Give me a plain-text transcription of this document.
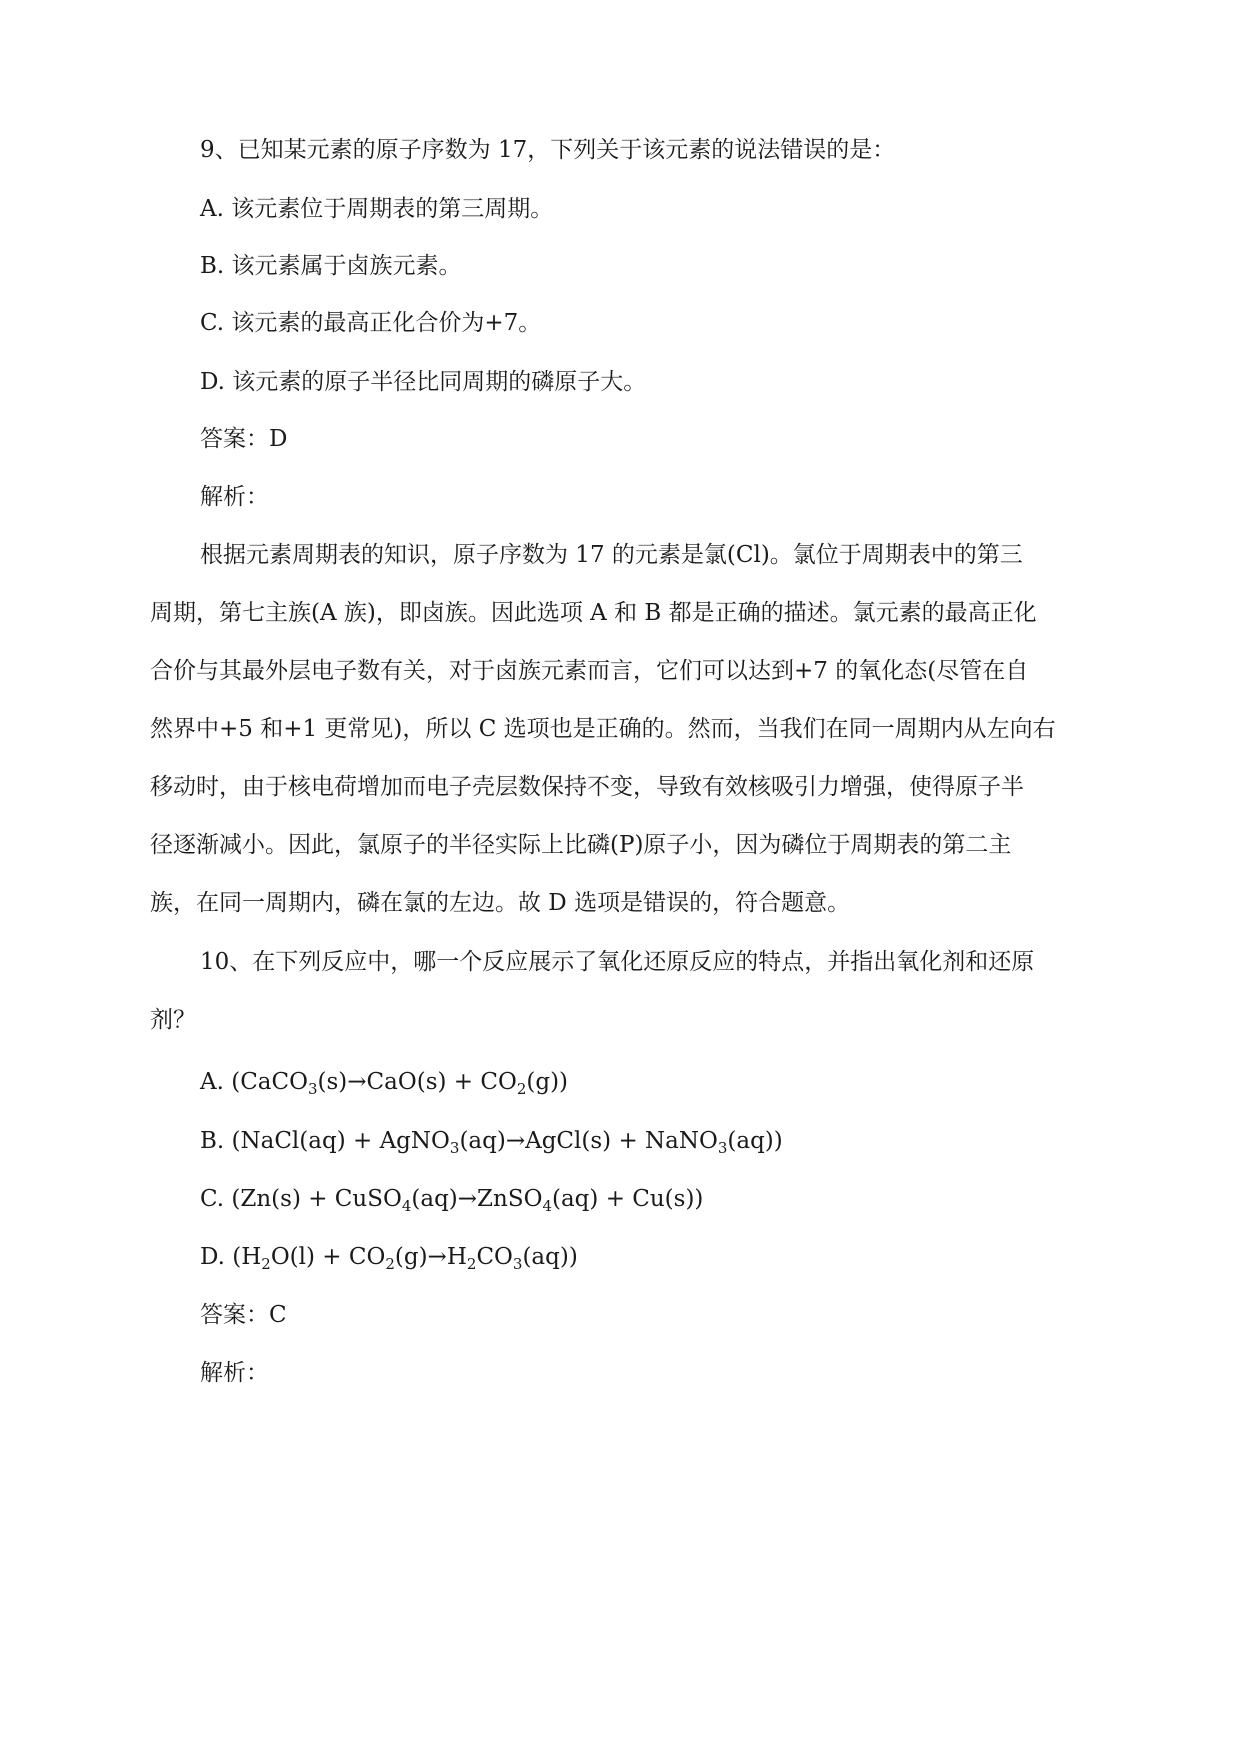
9、已知某元素的原子序数为 17，下列关于该元素的说法错误的是：
A. 该元素位于周期表的第三周期。
B. 该元素属于卤族元素。
C. 该元素的最高正化合价为+7。
D. 该元素的原子半径比同周期的磷原子大。
答案：D
解析：
根据元素周期表的知识，原子序数为 17 的元素是氯(Cl)。氯位于周期表中的第三
周期，第七主族(A 族)，即卤族。因此选项 A 和 B 都是正确的描述。氯元素的最高正化
合价与其最外层电子数有关，对于卤族元素而言，它们可以达到+7 的氧化态(尽管在自
然界中+5 和+1 更常见)，所以 C 选项也是正确的。然而，当我们在同一周期内从左向右
移动时，由于核电荷增加而电子壳层数保持不变，导致有效核吸引力增强，使得原子半
径逐渐减小。因此，氯原子的半径实际上比磷(P)原子小，因为磷位于周期表的第二主
族，在同一周期内，磷在氯的左边。故 D 选项是错误的，符合题意。
10、在下列反应中，哪一个反应展示了氧化还原反应的特点，并指出氧化剂和还原
剂？
A. (CaCO$_3$(s)→CaO(s) + $CO_2(g)$)
B. (NaCl(aq) + AgNO$_3$(aq)→AgCl(s) + NaNO$_3$(aq))
C. (Zn(s) + CuSO$_4$(aq)→ZnSO$_4$(aq) + Cu(s))
D. $(H_2O(l) + CO_2(g)\to H_2CO_3(aq))$
答案：C
解析：
